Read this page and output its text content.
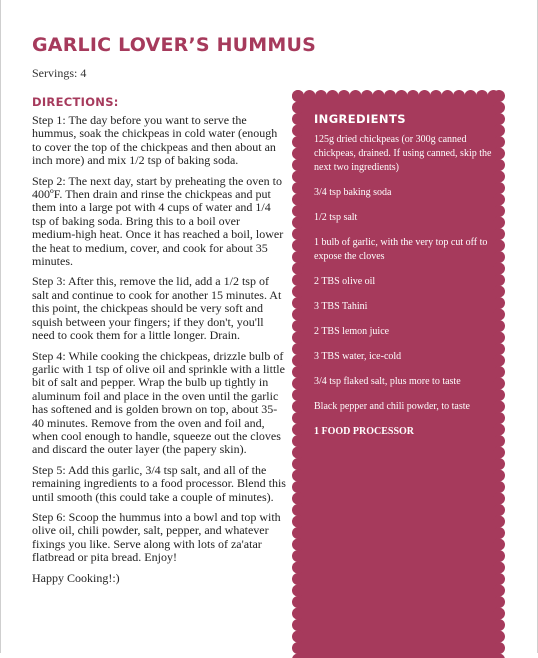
GARLIC LOVER’S HUMMUS
Servings: 4
DIRECTIONS:

Step 1: The day before you want to serve the hummus, soak the chickpeas in cold water (enough to cover the top of the chickpeas and then about an inch more) and mix 1/2 tsp of baking soda.

Step 2: The next day, start by preheating the oven to 400ºF. Then drain and rinse the chickpeas and put them into a large pot with 4 cups of water and 1/4 tsp of baking soda. Bring this to a boil over medium-high heat. Once it has reached a boil, lower the heat to medium, cover, and cook for about 35 minutes.

Step 3: After this, remove the lid, add a 1/2 tsp of salt and continue to cook for another 15 minutes. At this point, the chickpeas should be very soft and squish between your fingers; if they don't, you'll need to cook them for a little longer. Drain.

Step 4: While cooking the chickpeas, drizzle bulb of garlic with 1 tsp of olive oil and sprinkle with a little bit of salt and pepper. Wrap the bulb up tightly in aluminum foil and place in the oven until the garlic has softened and is golden brown on top, about 35-40 minutes. Remove from the oven and foil and, when cool enough to handle, squeeze out the cloves and discard the outer layer (the papery skin).

Step 5: Add this garlic, 3/4 tsp salt, and all of the remaining ingredients to a food processor. Blend this until smooth (this could take a couple of minutes).

Step 6: Scoop the hummus into a bowl and top with olive oil, chili powder, salt, pepper, and whatever fixings you like. Serve along with lots of za'atar flatbread or pita bread. Enjoy!

Happy Cooking!:)
INGREDIENTS
125g dried chickpeas (or 300g canned chickpeas, drained. If using canned, skip the next two ingredients)
3/4 tsp baking soda
1/2 tsp salt
1 bulb of garlic, with the very top cut off to expose the cloves
2 TBS olive oil
3 TBS Tahini
2 TBS lemon juice
3 TBS water, ice-cold
3/4 tsp flaked salt, plus more to taste
Black pepper and chili powder, to taste
1 FOOD PROCESSOR
